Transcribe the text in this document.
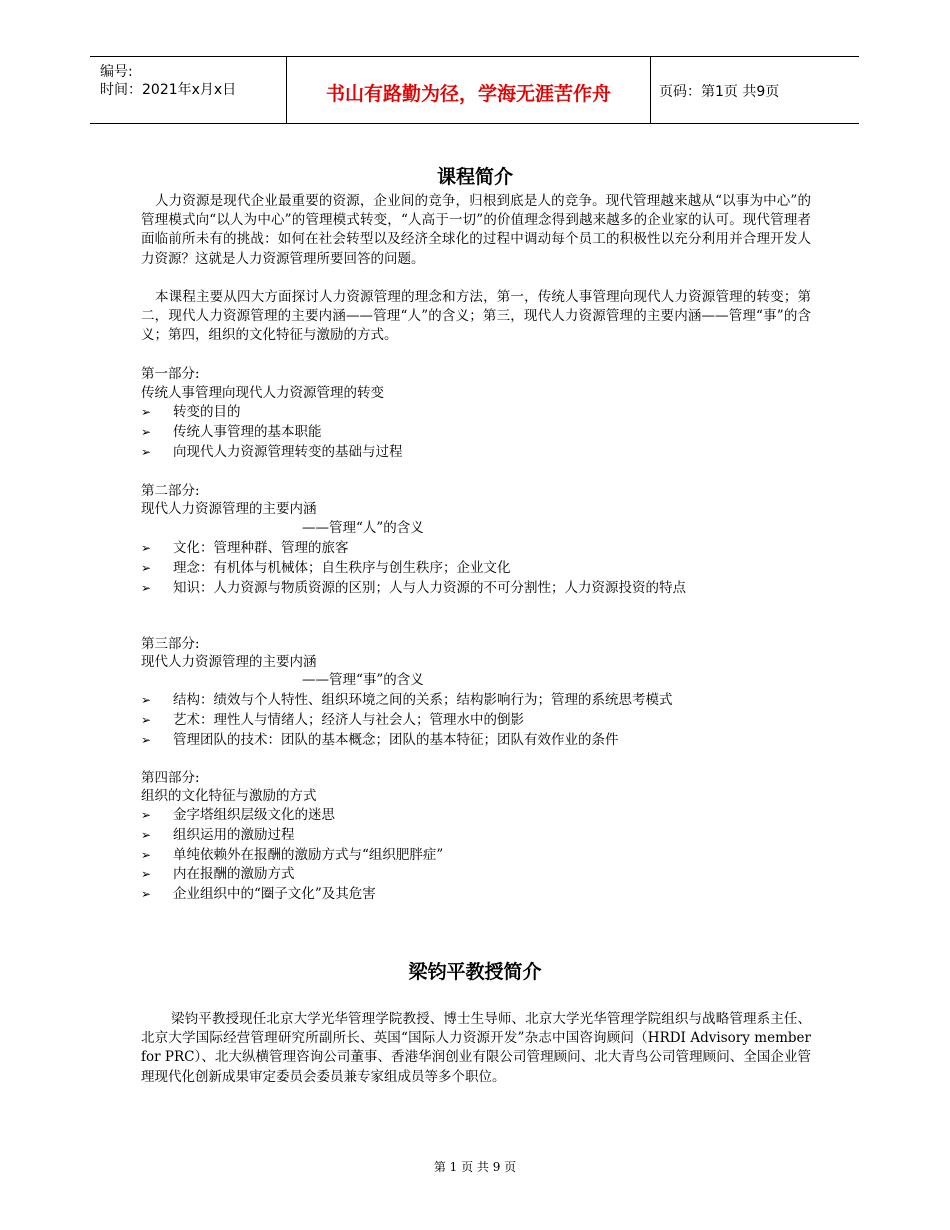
编号:
时间：2021年x月x日	书山有路勤为径，学海无涯苦作舟	页码：第1页 共9页
课程简介
人力资源是现代企业最重要的资源，企业间的竞争，归根到底是人的竞争。现代管理越来越从“以事为中心”的管理模式向“以人为中心”的管理模式转变，“人高于一切”的价值理念得到越来越多的企业家的认可。现代管理者面临前所未有的挑战：如何在社会转型以及经济全球化的过程中调动每个员工的积极性以充分利用并合理开发人力资源？这就是人力资源管理所要回答的问题。
本课程主要从四大方面探讨人力资源管理的理念和方法，第一，传统人事管理向现代人力资源管理的转变；第二，现代人力资源管理的主要内涵——管理“人”的含义；第三，现代人力资源管理的主要内涵——管理“事”的含义；第四，组织的文化特征与激励的方式。
第一部分:
传统人事管理向现代人力资源管理的转变
➢ 转变的目的
➢ 传统人事管理的基本职能
➢ 向现代人力资源管理转变的基础与过程
第二部分:
现代人力资源管理的主要内涵
——管理“人”的含义
➢ 文化：管理种群、管理的旅客
➢ 理念：有机体与机械体；自生秩序与创生秩序；企业文化
➢ 知识：人力资源与物质资源的区别；人与人力资源的不可分割性；人力资源投资的特点
第三部分:
现代人力资源管理的主要内涵
——管理“事”的含义
➢ 结构：绩效与个人特性、组织环境之间的关系；结构影响行为；管理的系统思考模式
➢ 艺术：理性人与情绪人；经济人与社会人；管理水中的倒影
➢ 管理团队的技术：团队的基本概念；团队的基本特征；团队有效作业的条件
第四部分:
组织的文化特征与激励的方式
➢ 金字塔组织层级文化的迷思
➢ 组织运用的激励过程
➢ 单纯依赖外在报酬的激励方式与“组织肥胖症”
➢ 内在报酬的激励方式
➢ 企业组织中的“圈子文化”及其危害
梁钧平教授简介
梁钧平教授现任北京大学光华管理学院教授、博士生导师、北京大学光华管理学院组织与战略管理系主任、北京大学国际经营管理研究所副所长、英国“国际人力资源开发”杂志中国咨询顾问（HRDI Advisory member for PRC）、北大纵横管理咨询公司董事、香港华润创业有限公司管理顾问、北大青鸟公司管理顾问、全国企业管理现代化创新成果审定委员会委员兼专家组成员等多个职位。
第 1 页 共 9 页
